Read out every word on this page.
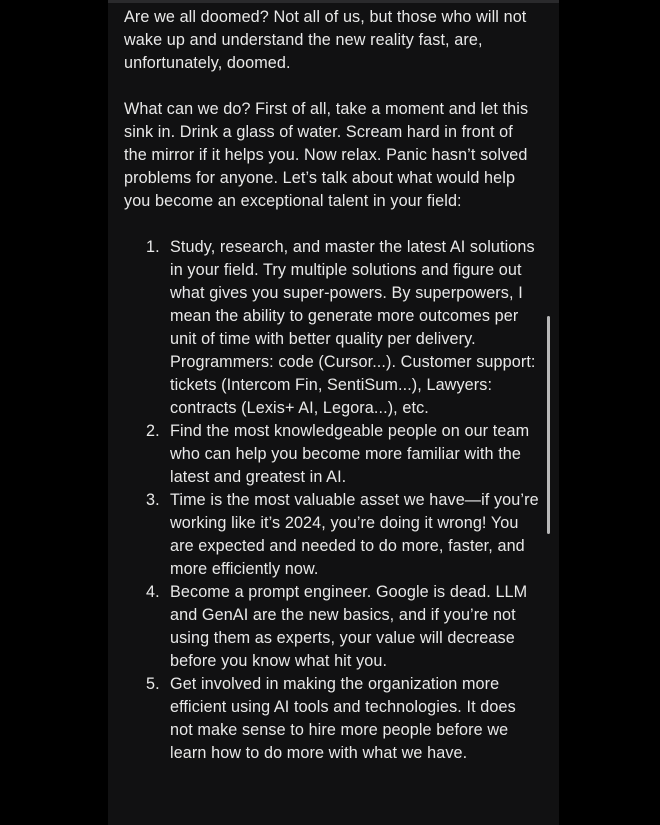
Are we all doomed? Not all of us, but those who will not wake up and understand the new reality fast, are, unfortunately, doomed.

What can we do? First of all, take a moment and let this sink in. Drink a glass of water. Scream hard in front of the mirror if it helps you. Now relax. Panic hasn’t solved problems for anyone. Let’s talk about what would help you become an exceptional talent in your field:

1. Study, research, and master the latest AI solutions in your field. Try multiple solutions and figure out what gives you super-powers. By superpowers, I mean the ability to generate more outcomes per unit of time with better quality per delivery. Programmers: code (Cursor...). Customer support: tickets (Intercom Fin, SentiSum...), Lawyers: contracts (Lexis+ AI, Legora...), etc.
2. Find the most knowledgeable people on our team who can help you become more familiar with the latest and greatest in AI.
3. Time is the most valuable asset we have—if you’re working like it’s 2024, you’re doing it wrong! You are expected and needed to do more, faster, and more efficiently now.
4. Become a prompt engineer. Google is dead. LLM and GenAI are the new basics, and if you’re not using them as experts, your value will decrease before you know what hit you.
5. Get involved in making the organization more efficient using AI tools and technologies. It does not make sense to hire more people before we learn how to do more with what we have.
